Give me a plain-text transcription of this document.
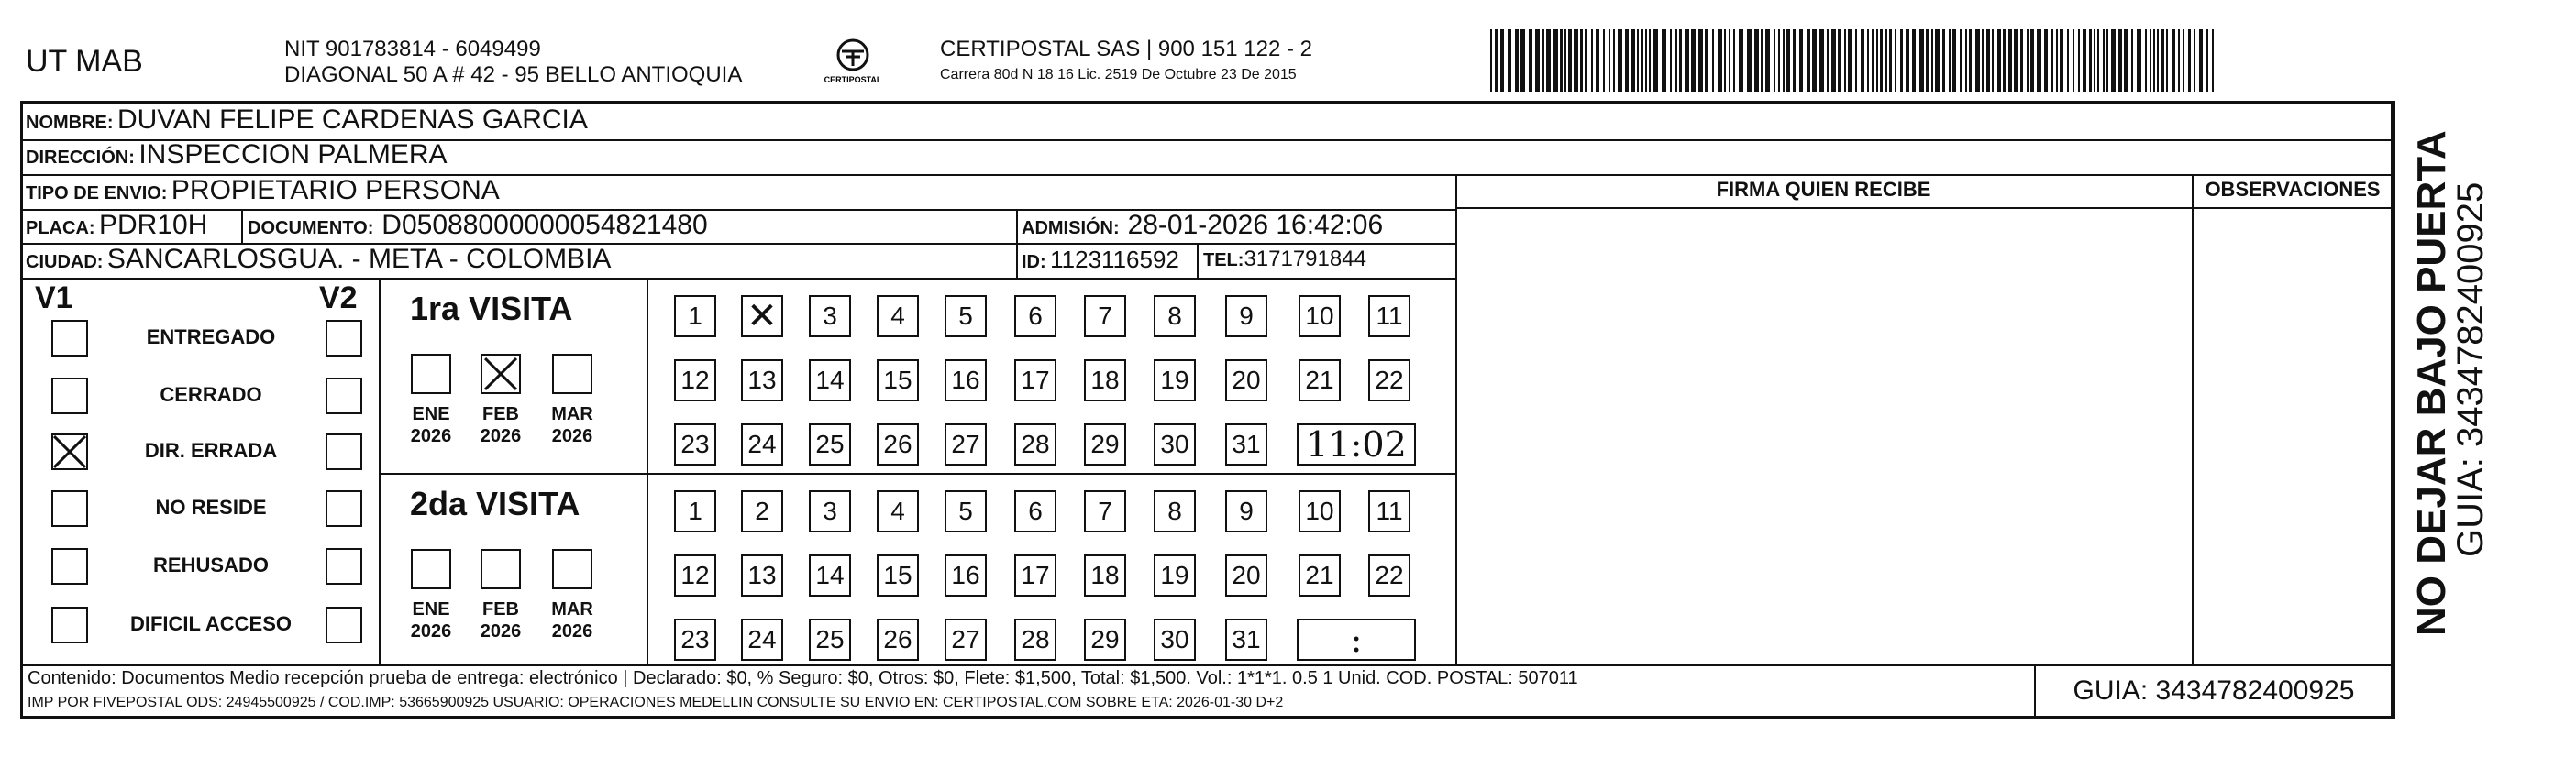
UT MAB	NIT 901783814 - 6049499
DIAGONAL 50 A # 42 - 95 BELLO ANTIOQUIA	CERTIPOSTAL
CERTIPOSTAL SAS | 900 151 122 - 2
Carrera 80d N 18 16 Lic. 2519 De Octubre 23 De 2015
NOMBRE: DUVAN FELIPE CARDENAS GARCIA
DIRECCIÓN: INSPECCION PALMERA
TIPO DE ENVIO: PROPIETARIO PERSONA
PLACA: PDR10H DOCUMENTO: D05088000000054821480	ADMISIÓN: 28-01-2026 16:42:06
CIUDAD: SANCARLOSGUA. - META - COLOMBIA	ID: 1123116592 TEL:3171791844
FIRMA QUIEN RECIBE	OBSERVACIONES
V1	V2
ENTREGADO
CERRADO
DIR. ERRADA
NO RESIDE
REHUSADO
DIFICIL ACCESO
1ra VISITA
ENE
2026
FEB
2026
MAR
2026
1
✕	3	4	5	6	7	8	9	10	11
12 13 14 15 16 17 18 19 20 21 22
23 24 25 26 27 28 29 30 31 11:02
2da VISITA
ENE
2026
FEB
2026
MAR
2026
1	2	3	4	5	6	7	8	9	10	11
12 13 14 15 16 17 18 19 20 21 22
23 24 25 26 27 28 29 30 31	:
Contenido: Documentos Medio recepción prueba de entrega: electrónico | Declarado: $0, % Seguro: $0, Otros: $0, Flete: $1,500, Total: $1,500. Vol.: 1*1*1. 0.5 1 Unid. COD. POSTAL: 507011
IMP POR FIVEPOSTAL ODS: 24945500925 / COD.IMP: 53665900925 USUARIO: OPERACIONES MEDELLIN CONSULTE SU ENVIO EN: CERTIPOSTAL.COM SOBRE ETA: 2026-01-30 D+2	GUIA: 3434782400925
NO DEJAR BAJO PUERTA
GUIA: 3434782400925
